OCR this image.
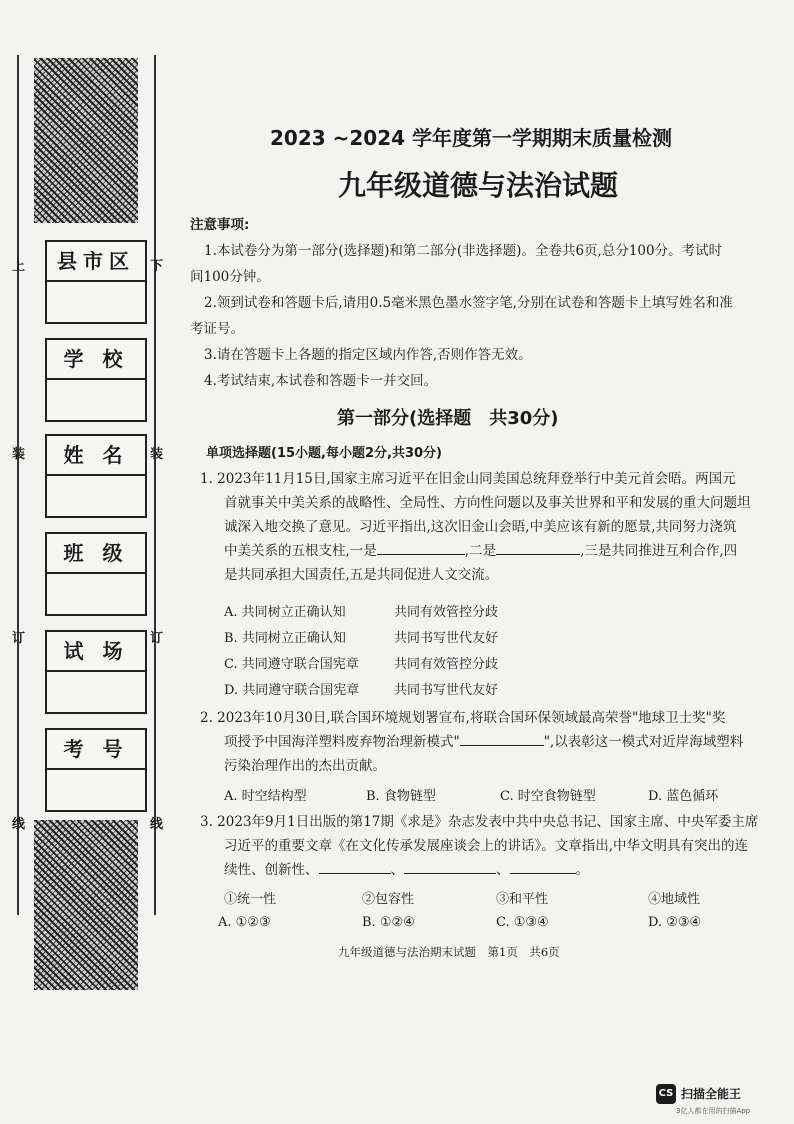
上
装
订
线
下
装
订
线
县市区
学 校
姓 名
班 级
试 场
考 号
2023 ~2024 学年度第一学期期末质量检测
九年级道德与法治试题
注意事项:
1.本试卷分为第一部分(选择题)和第二部分(非选择题)。全卷共6页,总分100分。考试时
间100分钟。
2.领到试卷和答题卡后,请用0.5毫米黑色墨水签字笔,分别在试卷和答题卡上填写姓名和准
考证号。
3.请在答题卡上各题的指定区域内作答,否则作答无效。
4.考试结束,本试卷和答题卡一并交回。
第一部分(选择题　共30分)
单项选择题(15小题,每小题2分,共30分)
1. 2023年11月15日,国家主席习近平在旧金山同美国总统拜登举行中美元首会晤。两国元
首就事关中美关系的战略性、全局性、方向性问题以及事关世界和平和发展的重大问题坦
诚深入地交换了意见。习近平指出,这次旧金山会晤,中美应该有新的愿景,共同努力浇筑
中美关系的五根支柱,一是	,二是	,三是共同推进互利合作,四
是共同承担大国责任,五是共同促进人文交流。
A. 共同树立正确认知	共同有效管控分歧
B. 共同树立正确认知	共同书写世代友好
C. 共同遵守联合国宪章	共同有效管控分歧
D. 共同遵守联合国宪章	共同书写世代友好
2. 2023年10月30日,联合国环境规划署宣布,将联合国环保领域最高荣誉"地球卫士奖"奖
项授予中国海洋塑料废弃物治理新模式"	",以表彰这一模式对近岸海域塑料
污染治理作出的杰出贡献。
A. 时空结构型	B. 食物链型	C. 时空食物链型	D. 蓝色循环
3. 2023年9月1日出版的第17期《求是》杂志发表中共中央总书记、国家主席、中央军委主席
习近平的重要文章《在文化传承发展座谈会上的讲话》。文章指出,中华文明具有突出的连
续性、创新性、	、	、	。
①统一性	②包容性	③和平性	④地域性
A. ①②③	B. ①②④	C. ①③④	D. ②③④
九年级道德与法治期末试题　第1页　共6页
CS 扫描全能王
3亿人都在用的扫描App
